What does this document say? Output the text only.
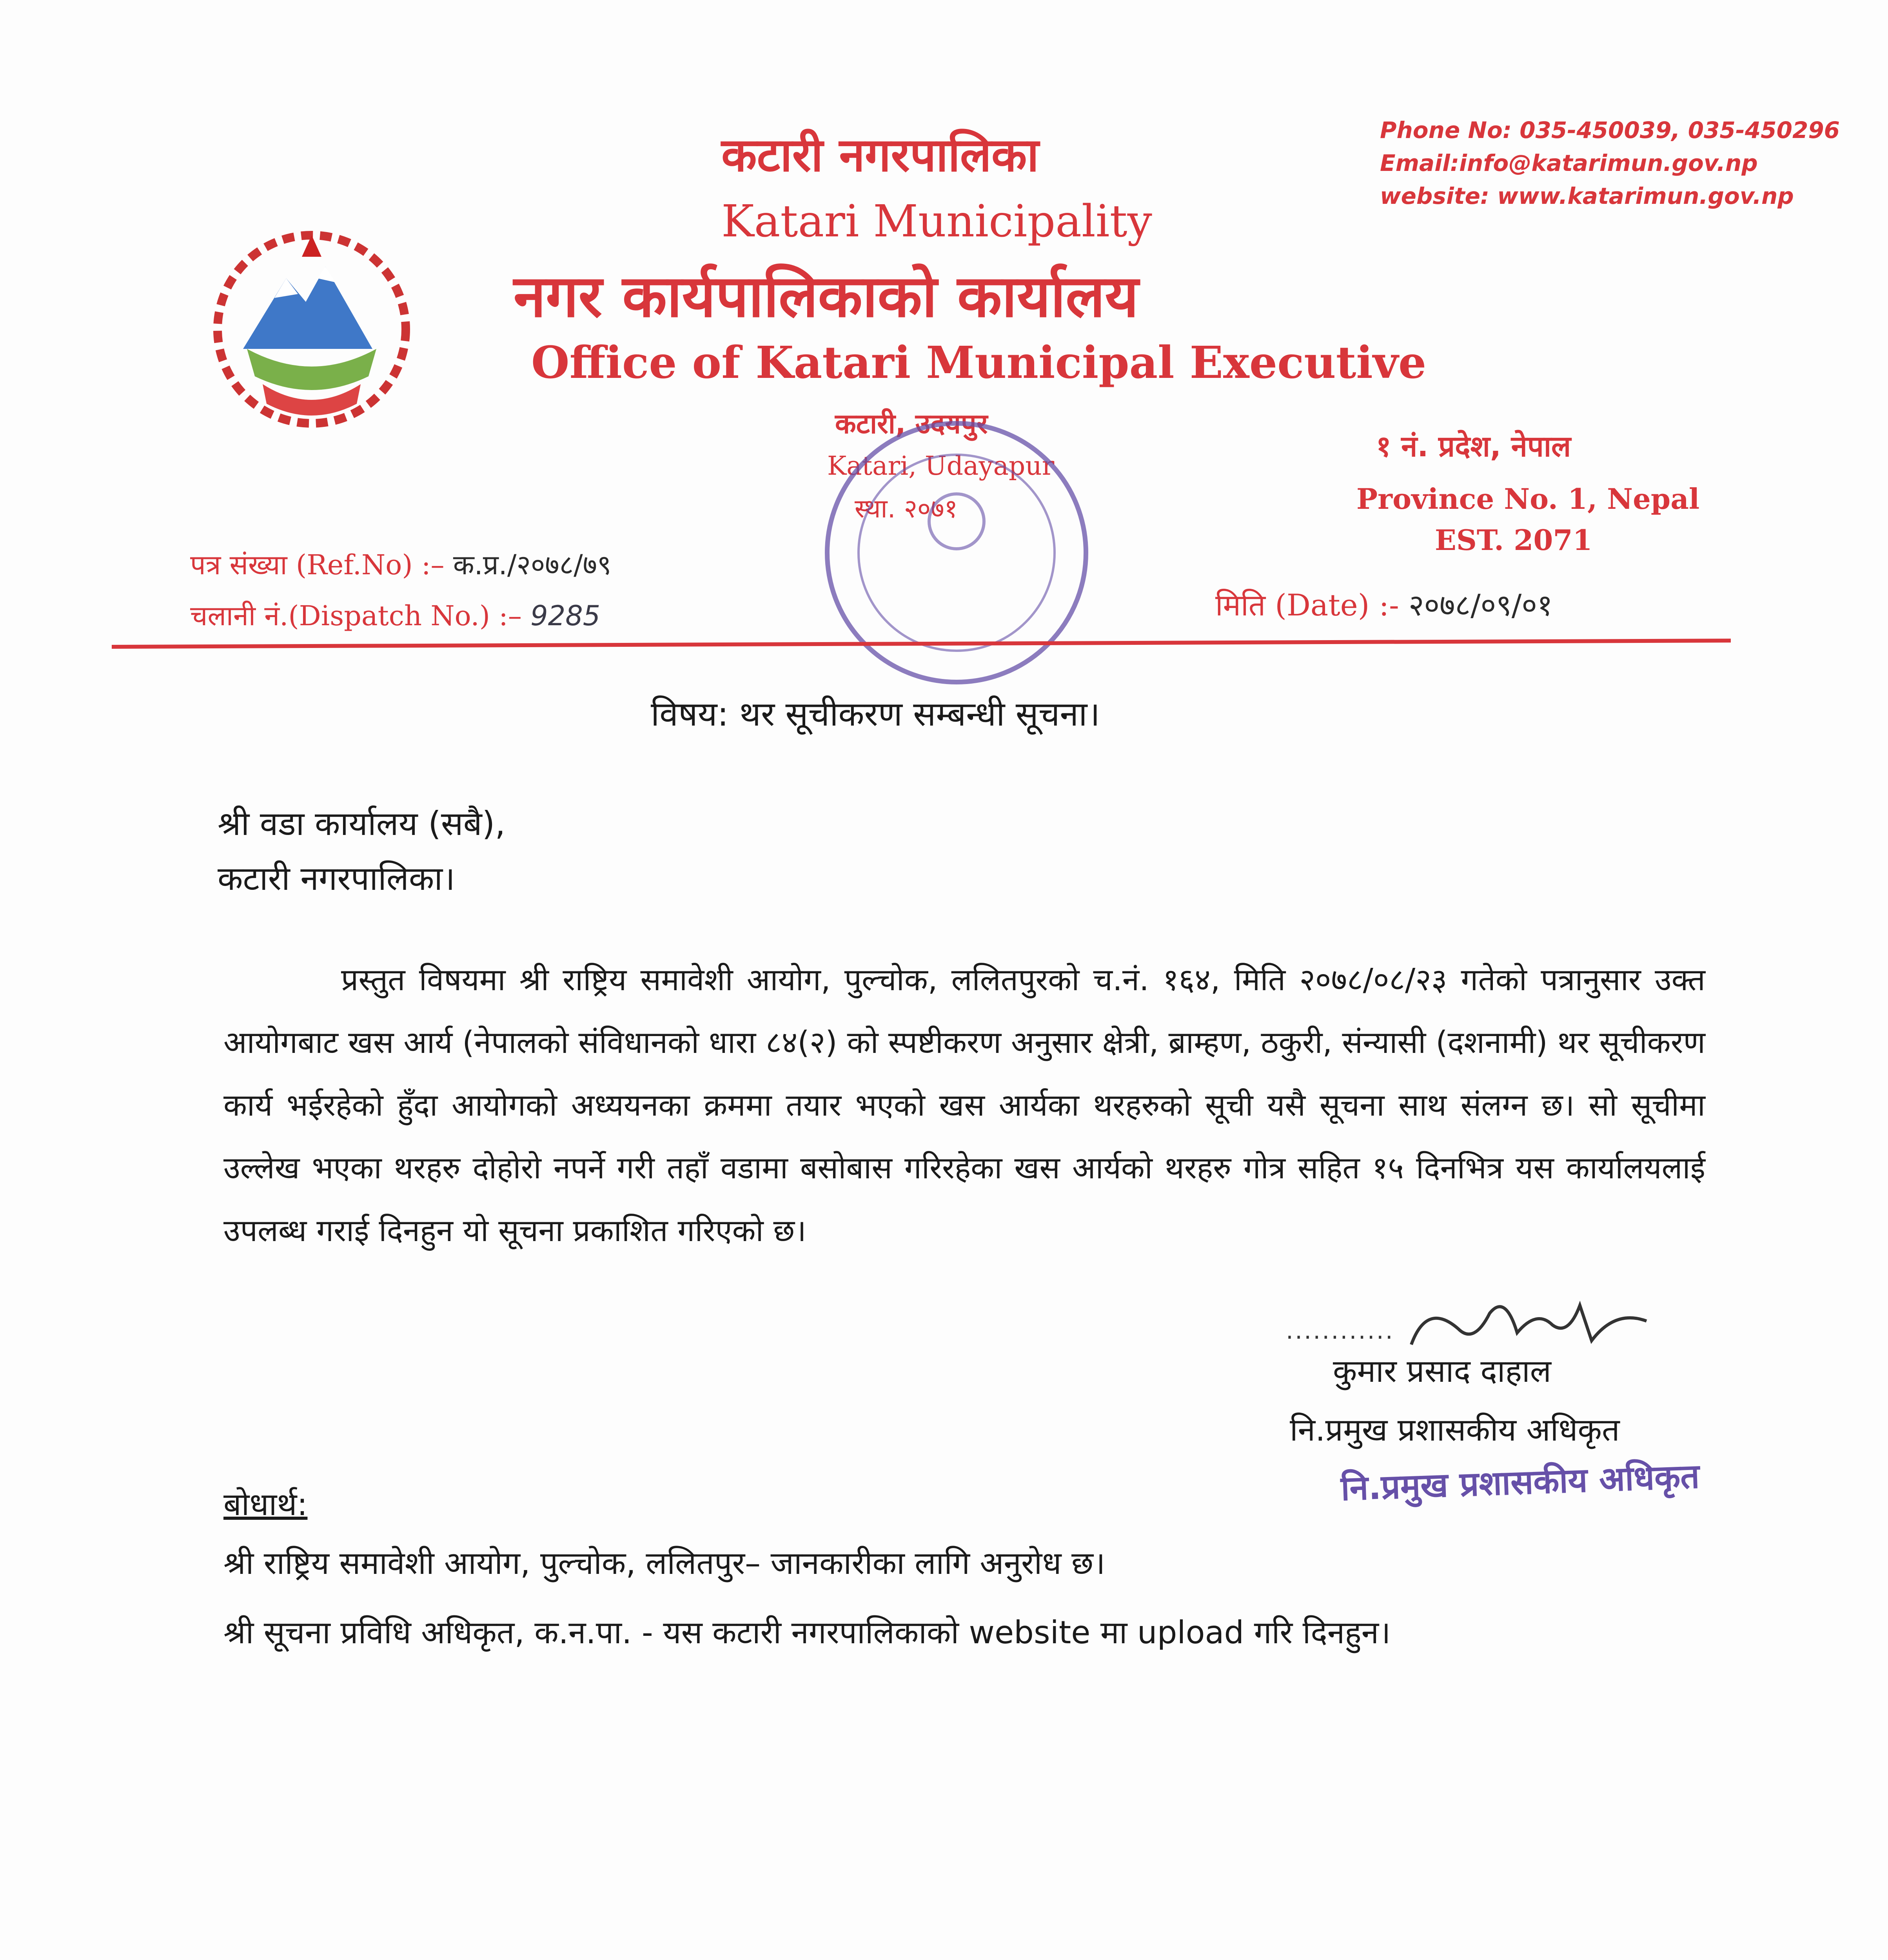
कटारी नगरपालिका
Katari Municipality
नगर कार्यपालिकाको कार्यालय
Office of Katari Municipal Executive
कटारी, उदयपुर
Katari, Udayapur
स्था. २०७१
Phone No: 035-450039, 035-450296
Email:info@katarimun.gov.np
website: www.katarimun.gov.np
१ नं. प्रदेश, नेपाल
Province No. 1, Nepal
EST. 2071
पत्र संख्या (Ref.No) :– क.प्र./२०७८/७९
चलानी नं.(Dispatch No.) :– 9285	मिति (Date) :- २०७८/०९/०१
विषय: थर सूचीकरण सम्बन्धी सूचना।
श्री वडा कार्यालय (सबै),
कटारी नगरपालिका।
प्रस्तुत विषयमा श्री राष्ट्रिय समावेशी आयोग, पुल्चोक, ललितपुरको च.नं. १६४, मिति २०७८/०८/२३ गतेको पत्रानुसार उक्त आयोगबाट खस आर्य (नेपालको संविधानको धारा ८४(२) को स्पष्टीकरण अनुसार क्षेत्री, ब्राम्हण, ठकुरी, संन्यासी (दशनामी) थर सूचीकरण कार्य भईरहेको हुँदा आयोगको अध्ययनका क्रममा तयार भएको खस आर्यका थरहरुको सूची यसै सूचना साथ संलग्न छ। सो सूचीमा उल्लेख भएका थरहरु दोहोरो नपर्ने गरी तहाँ वडामा बसोबास गरिरहेका खस आर्यको थरहरु गोत्र सहित १५ दिनभित्र यस कार्यालयलाई उपलब्ध गराई दिनहुन यो सूचना प्रकाशित गरिएको छ।
............
कुमार प्रसाद दाहाल
नि.प्रमुख प्रशासकीय अधिकृत
नि.प्रमुख प्रशासकीय अधिकृत
बोधार्थ:
श्री राष्ट्रिय समावेशी आयोग, पुल्चोक, ललितपुर– जानकारीका लागि अनुरोध छ।
श्री सूचना प्रविधि अधिकृत, क.न.पा. - यस कटारी नगरपालिकाको website मा upload गरि दिनहुन।
